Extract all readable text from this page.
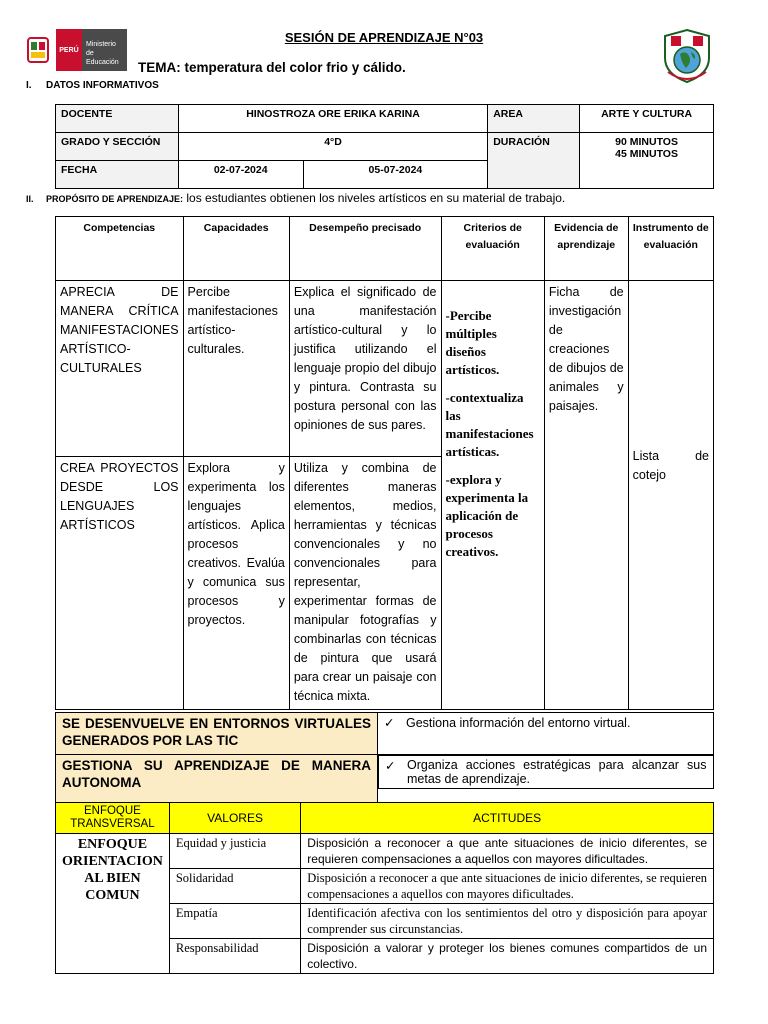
PERÚ
Ministerio
de Educación
SESIÓN DE APRENDIZAJE N°03
TEMA: temperatura del color frio y cálido.
I. DATOS INFORMATIVOS
DOCENTE	HINOSTROZA ORE ERIKA KARINA		AREA	ARTE Y CULTURA
GRADO Y SECCIÓN	4°D		DURACIÓN	90 MINUTOS
45 MINUTOS

FECHA	02-07-2024	05-07-2024		
II. PROPÓSITO DE APRENDIZAJE: los estudiantes obtienen los niveles artísticos en su material de trabajo.
Competencias	Capacidades	Desempeño precisado	Criterios de evaluación	Evidencia de aprendizaje	Instrumento de evaluación
APRECIA DE MANERA CRÍTICA MANIFESTACIONES ARTÍSTICO-CULTURALES	Percibe manifestaciones artístico-culturales.	Explica el significado de una manifestación artístico-cultural y lo justifica utilizando el lenguaje propio del dibujo y pintura. Contrasta su postura personal con las opiniones de sus pares.	-Percibe múltiples diseños artísticos.

-contextualiza las manifestaciones artísticas.

-explora y experimenta la aplicación de procesos creativos.	Ficha de investigación de creaciones de dibujos de animales y paisajes.	Lista de cotejo
CREA PROYECTOS DESDE LOS LENGUAJES ARTÍSTICOS	Explora y experimenta los lenguajes artísticos. Aplica procesos creativos. Evalúa y comunica sus procesos y proyectos.	Utiliza y combina de diferentes maneras elementos, medios, herramientas y técnicas convencionales y no convencionales para representar, experimentar formas de manipular fotografías y combinarlas con técnicas de pintura que usará para crear un paisaje con técnica mixta.			
SE DESENVUELVE EN ENTORNOS VIRTUALES GENERADOS POR LAS TIC	✓ Gestiona información del entorno virtual.
GESTIONA SU APRENDIZAJE DE MANERA AUTONOMA	
✓ Organiza acciones estratégicas para alcanzar sus metas de aprendizaje.
ENFOQUE TRANSVERSAL	VALORES	ACTITUDES
ENFOQUE ORIENTACION AL BIEN COMUN	Equidad y justicia	Disposición a reconocer a que ante situaciones de inicio diferentes, se requieren compensaciones a aquellos con mayores dificultades.
	Solidaridad	Disposición a reconocer a que ante situaciones de inicio diferentes, se requieren compensaciones a aquellos con mayores dificultades.
	Empatía	Identificación afectiva con los sentimientos del otro y disposición para apoyar comprender sus circunstancias.
	Responsabilidad	Disposición a valorar y proteger los bienes comunes compartidos de un colectivo.
